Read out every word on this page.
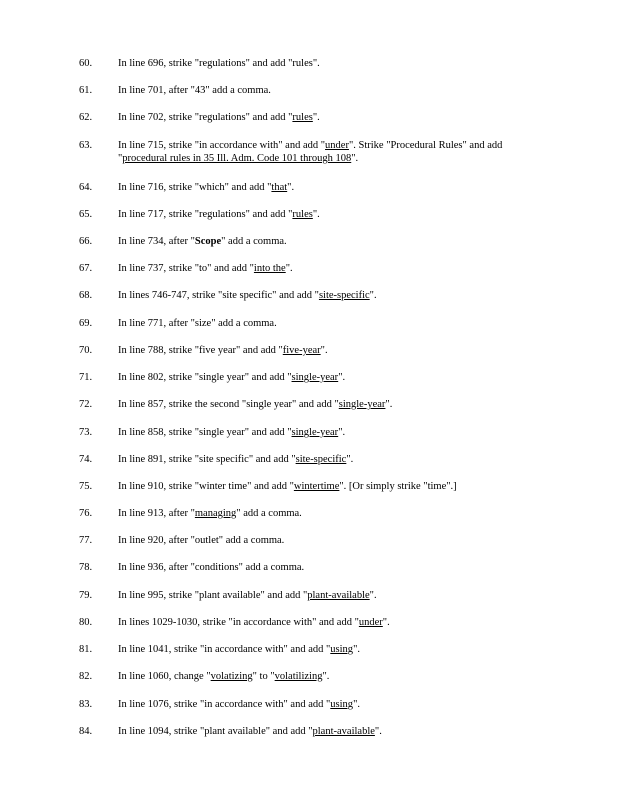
60.	In line 696, strike "regulations" and add "rules".
61.	In line 701, after "43" add a comma.
62.	In line 702, strike "regulations" and add "rules".
63.	In line 715, strike "in accordance with" and add "under". Strike "Procedural Rules" and add
"procedural rules in 35 Ill. Adm. Code 101 through 108".
64.	In line 716, strike "which" and add "that".
65.	In line 717, strike "regulations" and add "rules".
66.	In line 734, after "Scope" add a comma.
67.	In line 737, strike "to" and add "into the".
68.	In lines 746-747, strike "site specific" and add "site-specific".
69.	In line 771, after "size" add a comma.
70.	In line 788, strike "five year" and add "five-year".
71.	In line 802, strike "single year" and add "single-year".
72.	In line 857, strike the second "single year" and add "single-year".
73.	In line 858, strike "single year" and add "single-year".
74.	In line 891, strike "site specific" and add "site-specific".
75.	In line 910, strike "winter time" and add "wintertime". [Or simply strike "time".]
76.	In line 913, after "managing" add a comma.
77.	In line 920, after "outlet" add a comma.
78.	In line 936, after "conditions" add a comma.
79.	In line 995, strike "plant available" and add "plant-available".
80.	In lines 1029-1030, strike "in accordance with" and add "under".
81.	In line 1041, strike "in accordance with" and add "using".
82.	In line 1060, change "volatizing" to "volatilizing".
83.	In line 1076, strike "in accordance with" and add "using".
84.	In line 1094, strike "plant available" and add "plant-available".
